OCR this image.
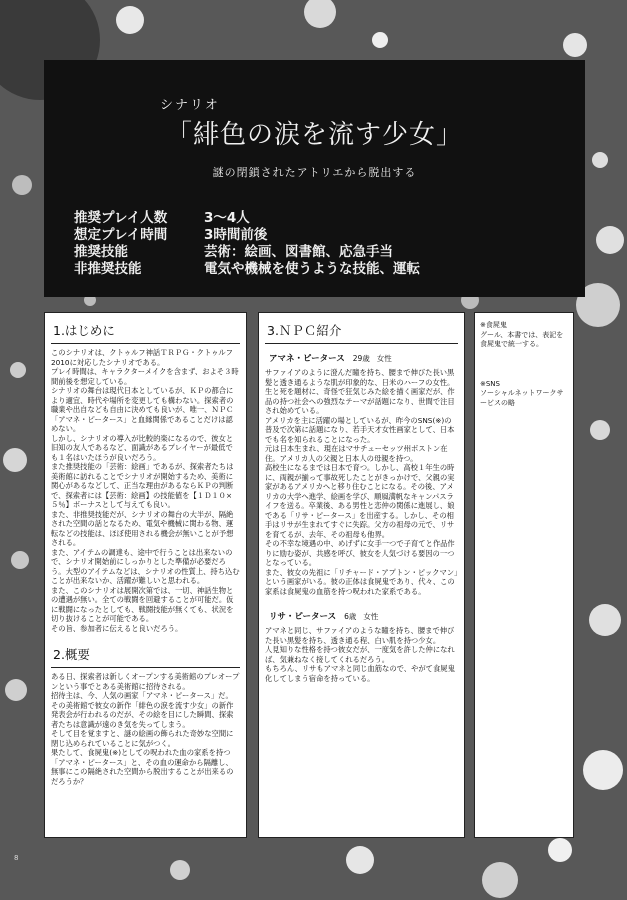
シナリオ
「緋色の涙を流す少女」
謎の閉鎖されたアトリエから脱出する
推奨プレイ人数	3〜4人
想定プレイ時間	3時間前後
推奨技能	芸術：絵画、図書館、応急手当
非推奨技能	電気や機械を使うような技能、運転
1.はじめに
このシナリオは、クトゥルフ神話ＴＲＰＧ・クトゥルフ2010に対応したシナリオである。
プレイ時間は、キャラクターメイクを含まず、およそ３時間前後を想定している。
シナリオの舞台は現代日本としているが、ＫＰの都合により適宜、時代や場所を変更しても構わない。探索者の職業や出自なども自由に決めても良いが、唯一、ＮＰＣ「アマネ・ピータース」と血縁関係であることだけは認めない。
しかし、シナリオの導入が比較的楽になるので、彼女と旧知の友人であるなど、面識があるプレイヤーが最低でも１名はいたほうが良いだろう。
また推奨技能の「芸術：絵画」であるが、探索者たちは美術館に訪れることでシナリオが開始するため、美術に関心があるなどして、正当な理由があるならＫＰの判断で、探索者には【芸術：絵画】の技能値を【１Ｄ１０×５％】ボーナスとして与えても良い。
また、非推奨技能だが、シナリオの舞台の大半が、隔絶された空間の話となるため、電気や機械に関わる物、運転などの技能は、ほぼ使用される機会が無いことが予想される。
また、アイテムの調達も、途中で行うことは出来ないので、シナリオ開始前にしっかりとした準備が必要だろう。大型のアイテムなどは、シナリオの性質上、持ち込むことが出来ないか、活躍が難しいと思われる。
また、このシナリオは展開次第では、一切、神話生物との遭遇が無い。全ての戦闘を回避することが可能だ。仮に戦闘になったとしても、戦闘技能が無くても、状況を切り抜けることが可能である。
その旨、参加者に伝えると良いだろう。
2.概要
ある日、探索者は新しくオープンする美術館のプレオープンという事でとある美術館に招待される。
招待主は、今、人気の画家「アマネ・ピータース」だ。
その美術館で彼女の新作「緋色の涙を流す少女」の新作発表会が行われるのだが、その絵を目にした瞬間、探索者たちは意識が遠のき気を失ってしまう。
そして目を覚ますと、謎の絵画の飾られた奇妙な空間に閉じ込められていることに気がつく。
果たして、食屍鬼(※)としての呪われた血の家系を持つ「アマネ・ピータース」と、その血の運命から隔離し、無事にこの隔絶された空間から脱出することが出来るのだろうか？
3.ＮＰＣ紹介
アマネ・ピータース 29歳 女性
サファイアのように澄んだ瞳を持ち、腰まで伸びた長い黒髪と透き通るような肌が印象的な、日米のハーフの女性。
生と死を題材に、奇怪で狂気じみた絵を描く画家だが、作品の持つ社会への強烈なテーマが話題になり、世間で注目され始めている。
アメリカを主に活躍の場としているが、昨今のSNS(※)の普及で次第に話題になり、若手天才女性画家として、日本でも名を知られることになった。
元は日本生まれ、現在はマサチューセッツ州ボストン在住。アメリカ人の父親と日本人の母親を持つ。
高校生になるまでは日本で育つ。しかし、高校１年生の時に、両親が揃って事故死したことがきっかけで、父親の実家があるアメリカへと移り住むことになる。その後、アメリカの大学へ進学、絵画を学び、順風満帆なキャンパスライフを送る。卒業後、ある男性と恋仲の関係に進展し、娘である「リサ・ピータース」を出産する。しかし、その相手はリサが生まれてすぐに失踪。父方の祖母の元で、リサを育てるが、去年、その祖母も他界。
その不幸な境遇の中、めげずに女手一つで子育てと作品作りに励む姿が、共感を呼び、彼女を人気づける要因の一つとなっている。
また、彼女の先祖に「リチャード・アプトン・ピックマン」という画家がいる。彼の正体は食屍鬼であり、代々、この家系は食屍鬼の血筋を持つ呪われた家系である。
リサ・ピータース 6歳 女性
アマネと同じ、サファイアのような瞳を持ち、腰まで伸びた長い黒髪を持ち、透き通る程、白い肌を持つ少女。
人見知りな性格を持つ彼女だが、一度気を許した仲になれば、気兼ねなく接してくれるだろう。
もちろん、リサもアマネと同じ血筋なので、やがて食屍鬼化してしまう宿命を持っている。
※食屍鬼
グール、本書では、表記を食屍鬼で統一する。
※SNS
ソーシャルネットワークサービスの略
8
